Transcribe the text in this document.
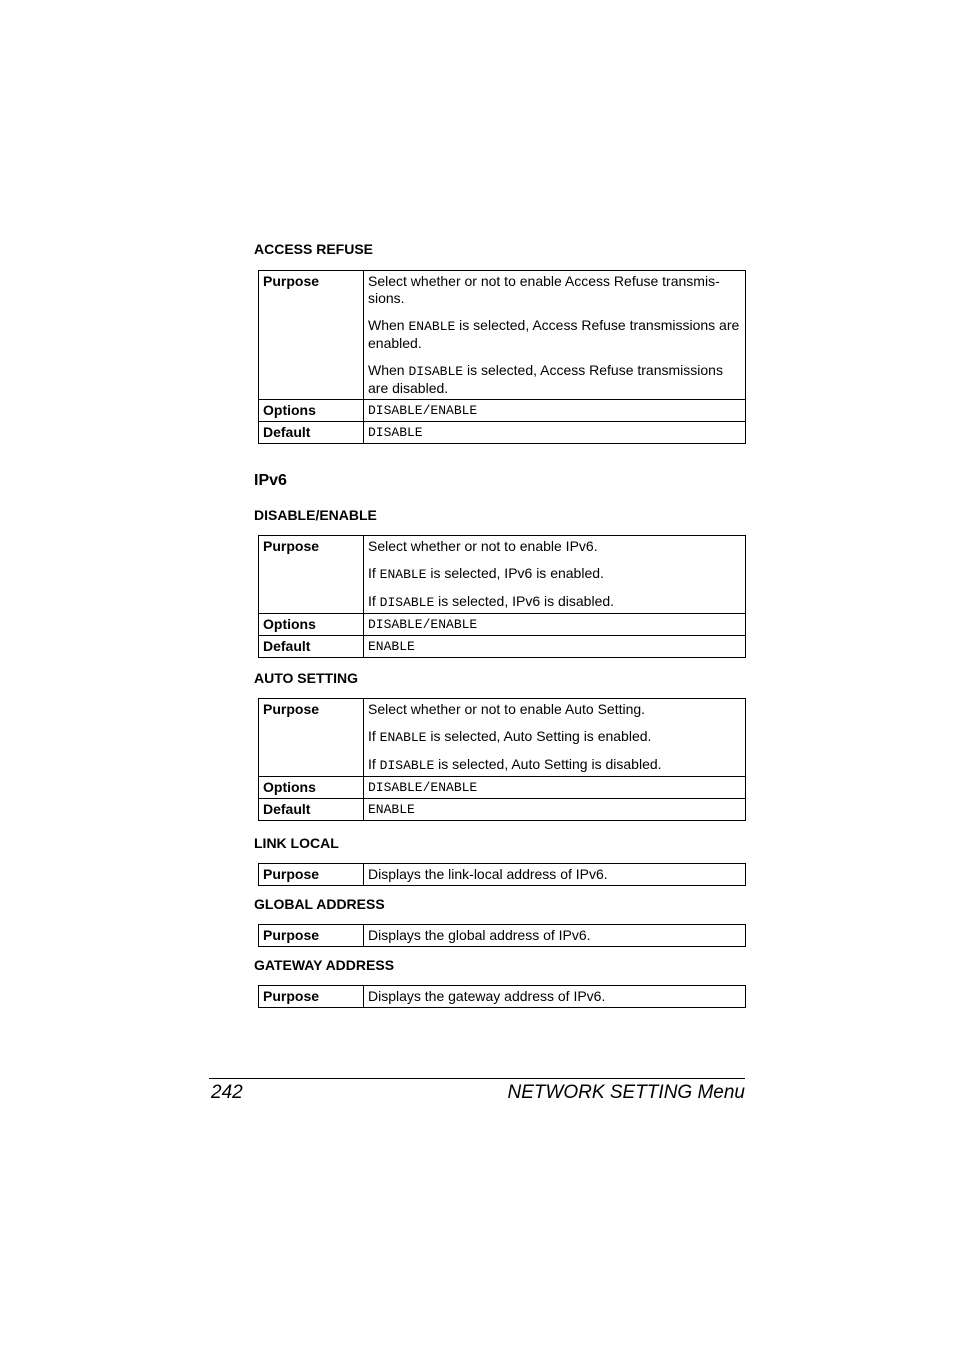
ACCESS REFUSE
Purpose	Select whether or not to enable Access Refuse transmis-sions.

When ENABLE is selected, Access Refuse transmissions are enabled.

When DISABLE is selected, Access Refuse transmissions are disabled.

Options	DISABLE/ENABLE
Default	DISABLE
IPv6
DISABLE/ENABLE
Purpose	Select whether or not to enable IPv6.

If ENABLE is selected, IPv6 is enabled.

If DISABLE is selected, IPv6 is disabled.

Options	DISABLE/ENABLE
Default	ENABLE
AUTO SETTING
Purpose	Select whether or not to enable Auto Setting.

If ENABLE is selected, Auto Setting is enabled.

If DISABLE is selected, Auto Setting is disabled.

Options	DISABLE/ENABLE
Default	ENABLE
LINK LOCAL
Purpose	Displays the link-local address of IPv6.
GLOBAL ADDRESS
Purpose	Displays the global address of IPv6.
GATEWAY ADDRESS
Purpose	Displays the gateway address of IPv6.
242	NETWORK SETTING Menu
